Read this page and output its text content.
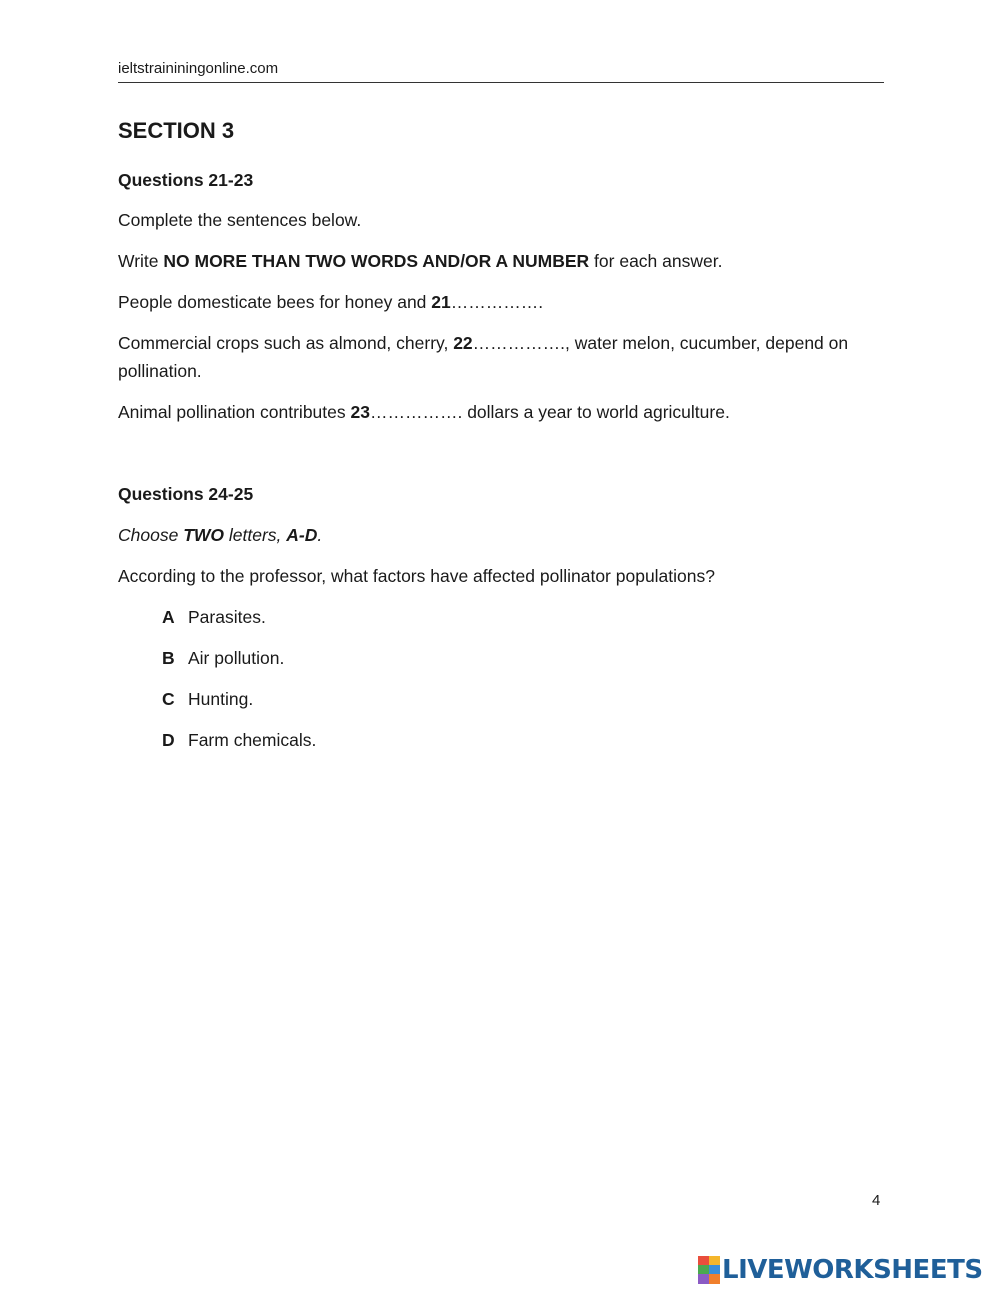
ieltstraininingonline.com
SECTION 3
Questions 21-23
Complete the sentences below.
Write NO MORE THAN TWO WORDS AND/OR A NUMBER for each answer.
People domesticate bees for honey and 21…………….
Commercial crops such as almond, cherry, 22……………., water melon, cucumber, depend on pollination.
Animal pollination contributes 23……………. dollars a year to world agriculture.
Questions 24-25
Choose TWO letters, A-D.
According to the professor, what factors have affected pollinator populations?
A Parasites.
B Air pollution.
C Hunting.
D Farm chemicals.
4
LIVEWORKSHEETS
